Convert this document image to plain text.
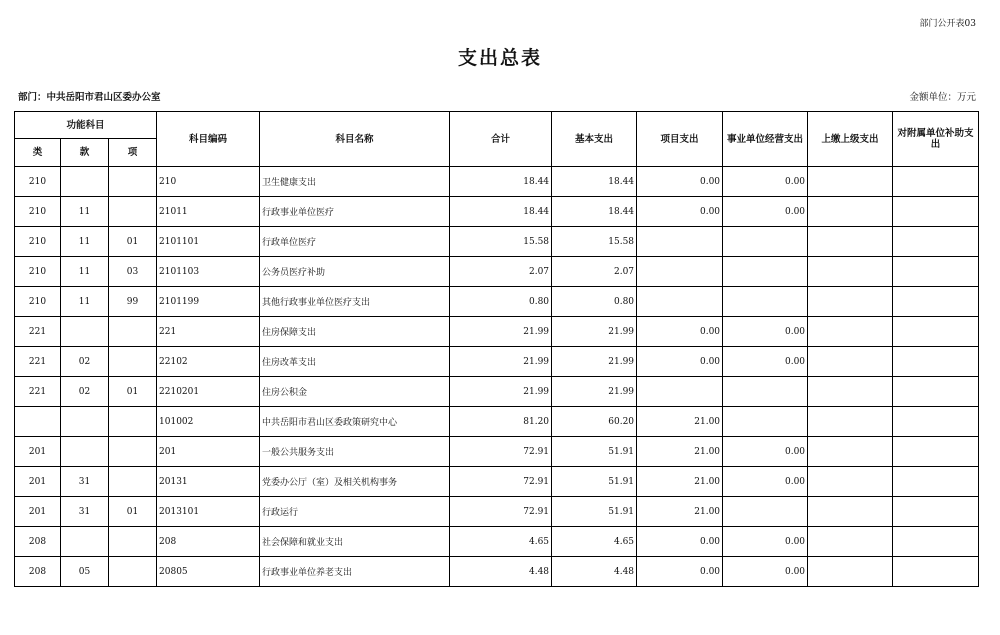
部门公开表03
支出总表
部门：中共岳阳市君山区委办公室	金额单位：万元
功能科目			科目编码	科目名称	合计	基本支出	项目支出	事业单位经营支出	上缴上级支出	对附属单位补助支出
类	款	项								
210			210	卫生健康支出	18.44	18.44	0.00	0.00		
210	11		21011	行政事业单位医疗	18.44	18.44	0.00	0.00		
210	11	01	2101101	行政单位医疗	15.58	15.58				
210	11	03	2101103	公务员医疗补助	2.07	2.07				
210	11	99	2101199	其他行政事业单位医疗支出	0.80	0.80				
221			221	住房保障支出	21.99	21.99	0.00	0.00		
221	02		22102	住房改革支出	21.99	21.99	0.00	0.00		
221	02	01	2210201	住房公积金	21.99	21.99				
			101002	中共岳阳市君山区委政策研究中心	81.20	60.20	21.00			
201			201	一般公共服务支出	72.91	51.91	21.00	0.00		
201	31		20131	党委办公厅（室）及相关机构事务	72.91	51.91	21.00	0.00		
201	31	01	2013101	行政运行	72.91	51.91	21.00			
208			208	社会保障和就业支出	4.65	4.65	0.00	0.00		
208	05		20805	行政事业单位养老支出	4.48	4.48	0.00	0.00		
